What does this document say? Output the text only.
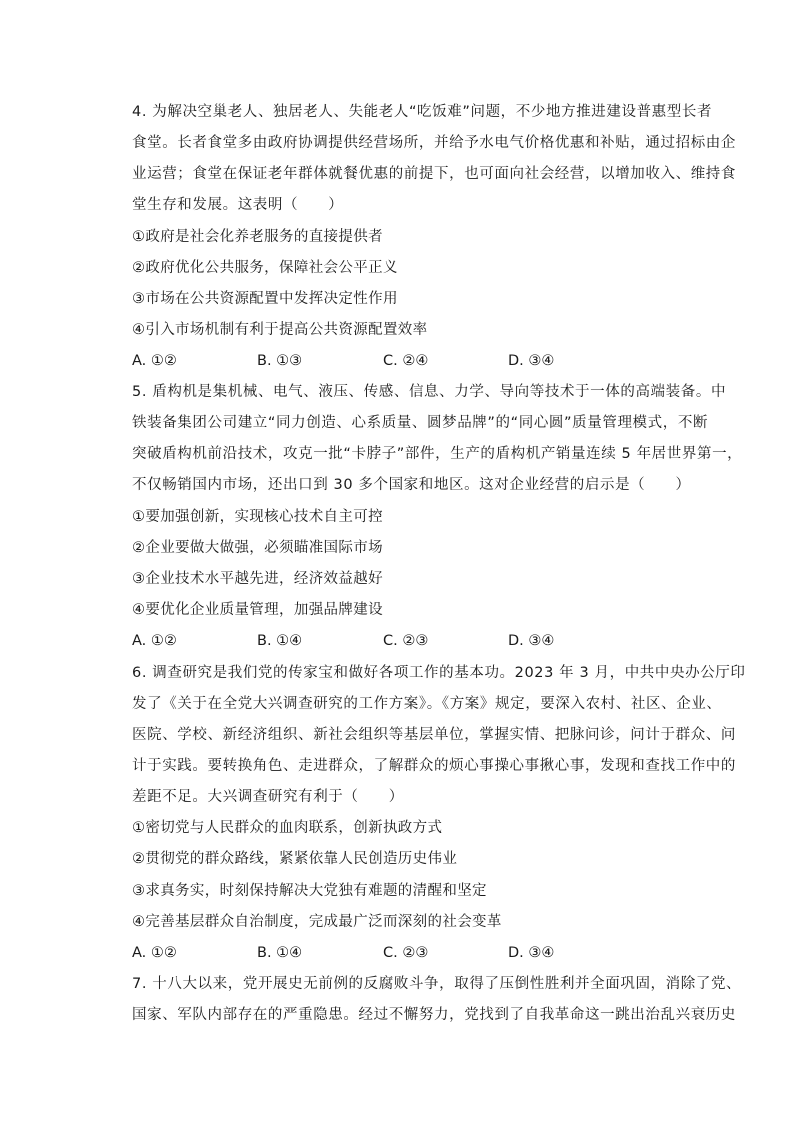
4. 为解决空巢老人、独居老人、失能老人“吃饭难”问题，不少地方推进建设普惠型长者
食堂。长者食堂多由政府协调提供经营场所，并给予水电气价格优惠和补贴，通过招标由企
业运营；食堂在保证老年群体就餐优惠的前提下，也可面向社会经营，以增加收入、维持食
堂生存和发展。这表明（　　）
①政府是社会化养老服务的直接提供者
②政府优化公共服务，保障社会公平正义
③市场在公共资源配置中发挥决定性作用
④引入市场机制有利于提高公共资源配置效率
A. ①②	B. ①③	C. ②④	D. ③④
5. 盾构机是集机械、电气、液压、传感、信息、力学、导向等技术于一体的高端装备。中
铁装备集团公司建立“同力创造、心系质量、圆梦品牌”的“同心圆”质量管理模式，不断
突破盾构机前沿技术，攻克一批“卡脖子”部件，生产的盾构机产销量连续 5 年居世界第一，
不仅畅销国内市场，还出口到 30 多个国家和地区。这对企业经营的启示是（　　）
①要加强创新，实现核心技术自主可控
②企业要做大做强，必须瞄准国际市场
③企业技术水平越先进，经济效益越好
④要优化企业质量管理，加强品牌建设
A. ①②	B. ①④	C. ②③	D. ③④
6. 调查研究是我们党的传家宝和做好各项工作的基本功。2023 年 3 月，中共中央办公厅印
发了《关于在全党大兴调查研究的工作方案》。《方案》规定，要深入农村、社区、企业、
医院、学校、新经济组织、新社会组织等基层单位，掌握实情、把脉问诊，问计于群众、问
计于实践。要转换角色、走进群众，了解群众的烦心事操心事揪心事，发现和查找工作中的
差距不足。大兴调查研究有利于（　　）
①密切党与人民群众的血肉联系，创新执政方式
②贯彻党的群众路线，紧紧依靠人民创造历史伟业
③求真务实，时刻保持解决大党独有难题的清醒和坚定
④完善基层群众自治制度，完成最广泛而深刻的社会变革
A. ①②	B. ①④	C. ②③	D. ③④
7. 十八大以来，党开展史无前例的反腐败斗争，取得了压倒性胜利并全面巩固，消除了党、
国家、军队内部存在的严重隐患。经过不懈努力，党找到了自我革命这一跳出治乱兴衰历史
